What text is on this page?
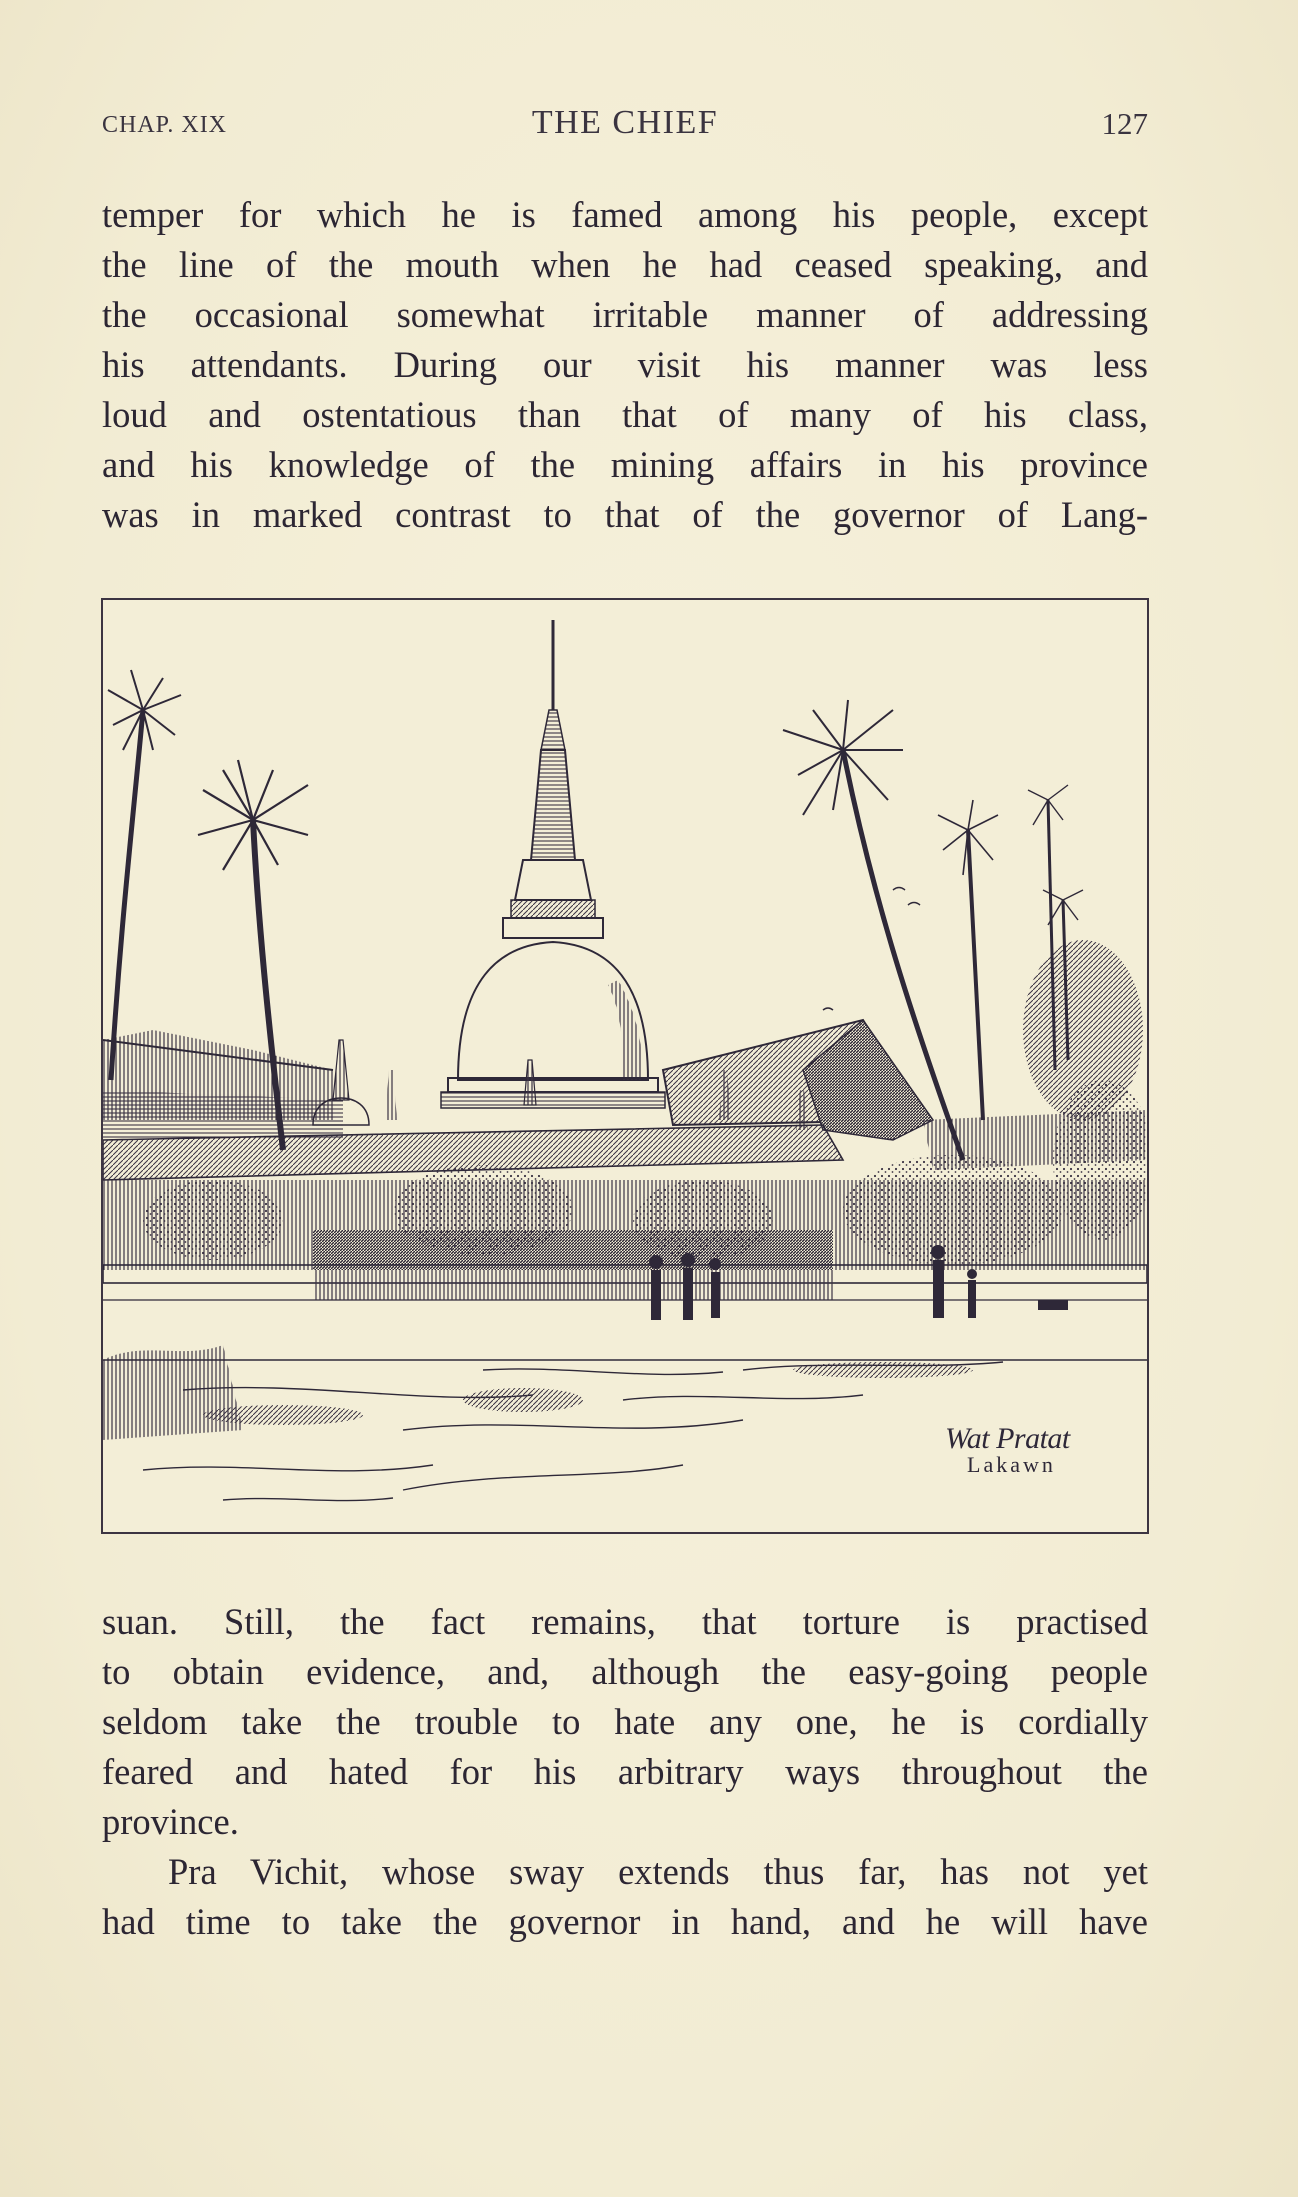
CHAP. XIX	THE CHIEF	127
temper for which he is famed among his people, except
the line of the mouth when he had ceased speaking, and
the occasional somewhat irritable manner of addressing
his attendants. During our visit his manner was less
loud and ostentatious than that of many of his class,
and his knowledge of the mining affairs in his province
was in marked contrast to that of the governor of Lang-
Wat Pratat
Lakawn
suan. Still, the fact remains, that torture is practised
to obtain evidence, and, although the easy-going people
seldom take the trouble to hate any one, he is cordially
feared and hated for his arbitrary ways throughout the
province.
Pra Vichit, whose sway extends thus far, has not yet
had time to take the governor in hand, and he will have
